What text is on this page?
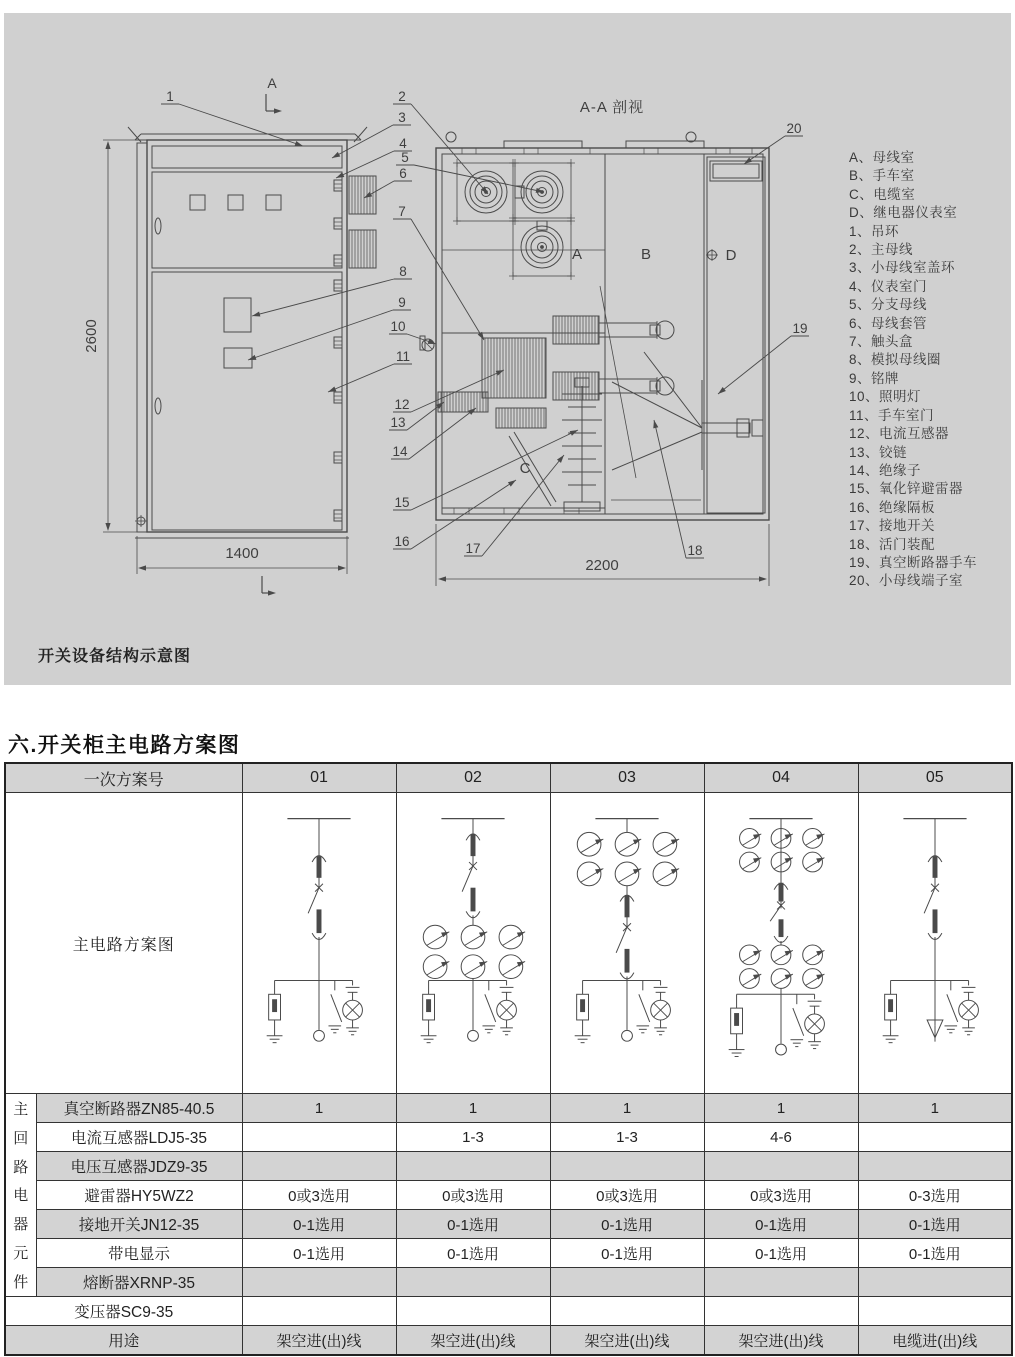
2600
1400
A
A-A 剖视
A	B
C
D
2200
1	2
3
4
5
6
7
8
9
10
11
12
13
14
15
16	17	18
19
20
A、母线室
B、手车室
C、电缆室
D、继电器仪表室
1、吊环
2、主母线
3、小母线室盖环
4、仪表室门
5、分支母线
6、母线套管
7、触头盒
8、模拟母线圈
9、铭牌
10、照明灯
11、手车室门
12、电流互感器
13、铰链
14、绝缘子
15、氧化锌避雷器
16、绝缘隔板
17、接地开关
18、活门装配
19、真空断路器手车
20、小母线端子室
开关设备结构示意图
六.开关柜主电路方案图
一次方案号		01	02	03	04	05
主电路方案图					

主
回
路
电
器
元
件
	真空断路器ZN85-40.5	1	1	1	1	1
	电流互感器LDJ5-35		1-3	1-3	4-6	
	电压互感器JDZ9-35					
	避雷器HY5WZ2	0或3选用	0或3选用	0或3选用	0或3选用	0-3选用
	接地开关JN12-35	0-1选用	0-1选用	0-1选用	0-1选用	0-1选用
	带电显示	0-1选用	0-1选用	0-1选用	0-1选用	0-1选用
	熔断器XRNP-35					
变压器SC9-35						
用途		架空进(出)线	架空进(出)线	架空进(出)线	架空进(出)线	电缆进(出)线
